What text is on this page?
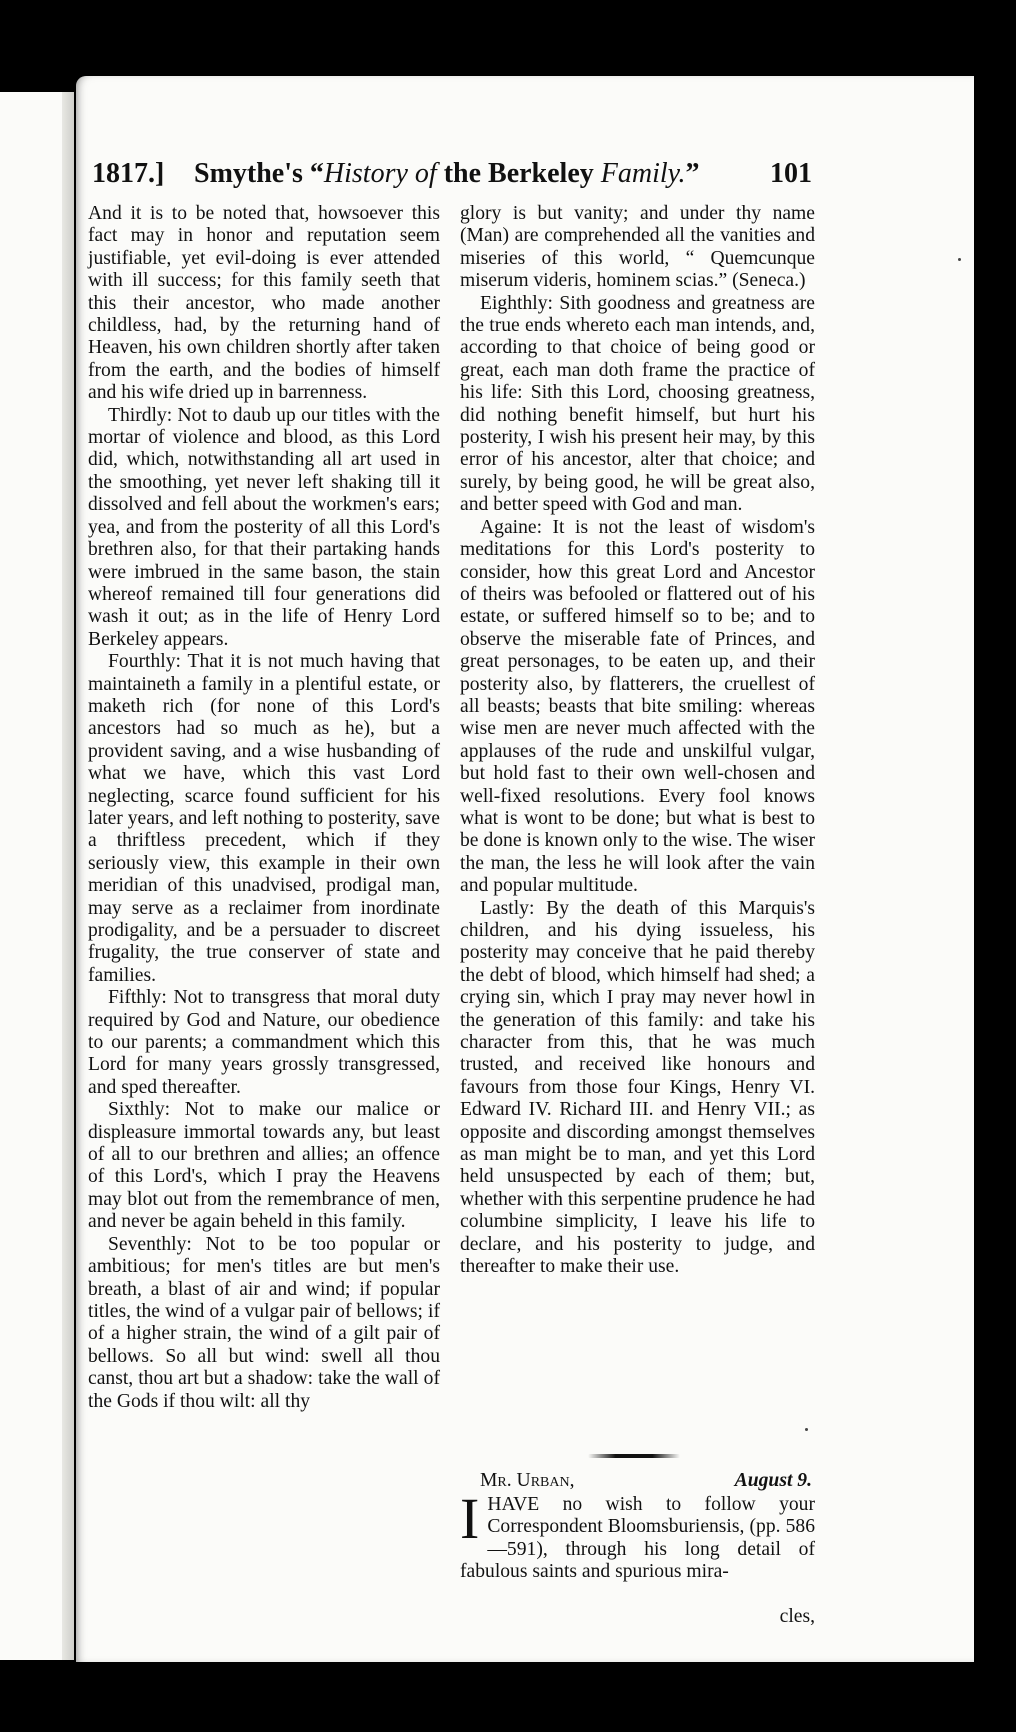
1817.] Smythe's “History of the Berkeley Family.”	101

And it is to be noted that, howsoever this fact may in honor and reputation seem justifiable, yet evil-doing is ever attended with ill success; for this family seeth that this their ancestor, who made another childless, had, by the returning hand of Heaven, his own children shortly after taken from the earth, and the bodies of himself and his wife dried up in barrenness.

Thirdly: Not to daub up our titles with the mortar of violence and blood, as this Lord did, which, notwithstanding all art used in the smoothing, yet never left shaking till it dissolved and fell about the workmen's ears; yea, and from the posterity of all this Lord's brethren also, for that their partaking hands were imbrued in the same bason, the stain whereof remained till four generations did wash it out; as in the life of Henry Lord Berkeley appears.

Fourthly: That it is not much having that maintaineth a family in a plentiful estate, or maketh rich (for none of this Lord's ancestors had so much as he), but a provident saving, and a wise husbanding of what we have, which this vast Lord neglecting, scarce found sufficient for his later years, and left nothing to posterity, save a thriftless precedent, which if they seriously view, this example in their own meridian of this unadvised, prodigal man, may serve as a reclaimer from inordinate prodigality, and be a persuader to discreet frugality, the true conserver of state and families.

Fifthly: Not to transgress that moral duty required by God and Nature, our obedience to our parents; a commandment which this Lord for many years grossly transgressed, and sped thereafter.

Sixthly: Not to make our malice or displeasure immortal towards any, but least of all to our brethren and allies; an offence of this Lord's, which I pray the Heavens may blot out from the remembrance of men, and never be again beheld in this family.

Seventhly: Not to be too popular or ambitious; for men's titles are but men's breath, a blast of air and wind; if popular titles, the wind of a vulgar pair of bellows; if of a higher strain, the wind of a gilt pair of bellows. So all but wind: swell all thou canst, thou art but a shadow: take the wall of the Gods if thou wilt: all thy

glory is but vanity; and under thy name (Man) are comprehended all the vanities and miseries of this world, “ Quemcunque miserum videris, hominem scias.” (Seneca.)

Eighthly: Sith goodness and greatness are the true ends whereto each man intends, and, according to that choice of being good or great, each man doth frame the practice of his life: Sith this Lord, choosing greatness, did nothing benefit himself, but hurt his posterity, I wish his present heir may, by this error of his ancestor, alter that choice; and surely, by being good, he will be great also, and better speed with God and man.

Againe: It is not the least of wisdom's meditations for this Lord's posterity to consider, how this great Lord and Ancestor of theirs was befooled or flattered out of his estate, or suffered himself so to be; and to observe the miserable fate of Princes, and great personages, to be eaten up, and their posterity also, by flatterers, the cruellest of all beasts; beasts that bite smiling: whereas wise men are never much affected with the applauses of the rude and unskilful vulgar, but hold fast to their own well-chosen and well-fixed resolutions. Every fool knows what is wont to be done; but what is best to be done is known only to the wise. The wiser the man, the less he will look after the vain and popular multitude.

Lastly: By the death of this Marquis's children, and his dying issueless, his posterity may conceive that he paid thereby the debt of blood, which himself had shed; a crying sin, which I pray may never howl in the generation of this family: and take his character from this, that he was much trusted, and received like honours and favours from those four Kings, Henry VI. Edward IV. Richard III. and Henry VII.; as opposite and discording amongst themselves as man might be to man, and yet this Lord held unsuspected by each of them; but, whether with this serpentine prudence he had columbine simplicity, I leave his life to declare, and his posterity to judge, and thereafter to make their use.

Mr. Urban,	August 9.
IHAVE no wish to follow your Correspondent Bloomsburiensis, (pp. 586—591), through his long detail of fabulous saints and spurious mira-
cles,
